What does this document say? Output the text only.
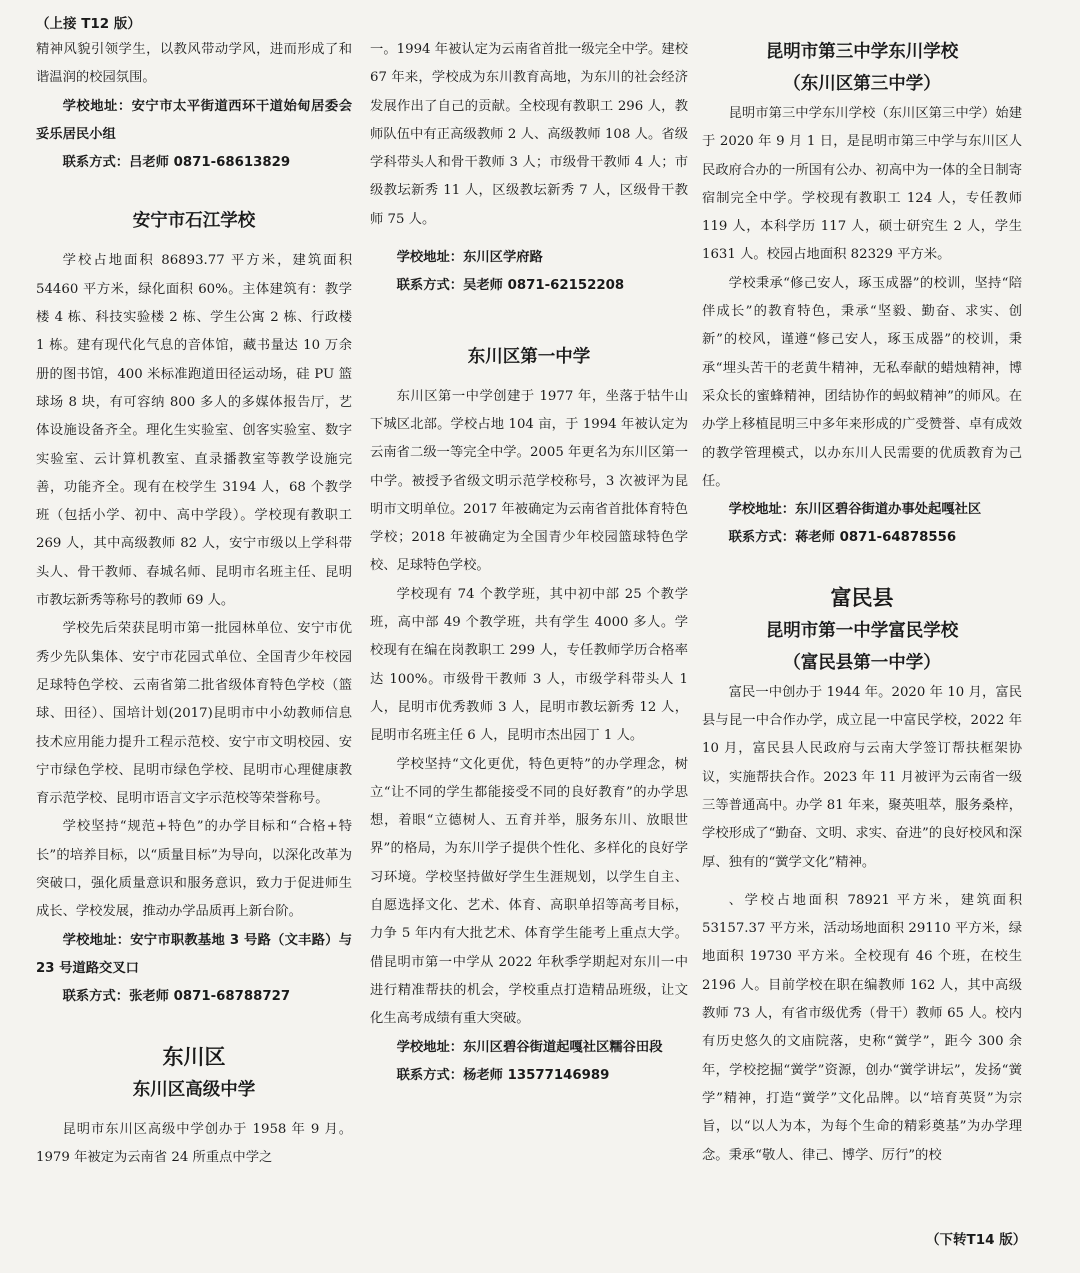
（上接 T12 版）

精神风貌引领学生，以教风带动学风，进而形成了和谐温润的校园氛围。

学校地址：安宁市太平街道西环干道始甸居委会妥乐居民小组

联系方式：吕老师 0871-68613829

安宁市石江学校

学校占地面积 86893.77 平方米，建筑面积 54460 平方米，绿化面积 60%。主体建筑有：教学楼 4 栋、科技实验楼 2 栋、学生公寓 2 栋、行政楼 1 栋。建有现代化气息的音体馆，藏书量达 10 万余册的图书馆，400 米标准跑道田径运动场，硅 PU 篮球场 8 块，有可容纳 800 多人的多媒体报告厅，艺体设施设备齐全。理化生实验室、创客实验室、数字实验室、云计算机教室、直录播教室等教学设施完善，功能齐全。现有在校学生 3194 人，68 个教学班（包括小学、初中、高中学段）。学校现有教职工 269 人，其中高级教师 82 人，安宁市级以上学科带头人、骨干教师、春城名师、昆明市名班主任、昆明市教坛新秀等称号的教师 69 人。

学校先后荣获昆明市第一批园林单位、安宁市优秀少先队集体、安宁市花园式单位、全国青少年校园足球特色学校、云南省第二批省级体育特色学校（篮球、田径）、国培计划(2017)昆明市中小幼教师信息技术应用能力提升工程示范校、安宁市文明校园、安宁市绿色学校、昆明市绿色学校、昆明市心理健康教育示范学校、昆明市语言文字示范校等荣誉称号。

学校坚持“规范+特色”的办学目标和“合格+特长”的培养目标，以“质量目标”为导向，以深化改革为突破口，强化质量意识和服务意识，致力于促进师生成长、学校发展，推动办学品质再上新台阶。

学校地址：安宁市职教基地 3 号路（文丰路）与 23 号道路交叉口

联系方式：张老师 0871-68788727

东川区
东川区高级中学

昆明市东川区高级中学创办于 1958 年 9 月。1979 年被定为云南省 24 所重点中学之

一。1994 年被认定为云南省首批一级完全中学。建校 67 年来，学校成为东川教育高地，为东川的社会经济发展作出了自己的贡献。全校现有教职工 296 人，教师队伍中有正高级教师 2 人、高级教师 108 人。省级学科带头人和骨干教师 3 人；市级骨干教师 4 人；市级教坛新秀 11 人，区级教坛新秀 7 人，区级骨干教师 75 人。

学校地址：东川区学府路

联系方式：吴老师 0871-62152208

东川区第一中学

东川区第一中学创建于 1977 年，坐落于牯牛山下城区北部。学校占地 104 亩，于 1994 年被认定为云南省二级一等完全中学。2005 年更名为东川区第一中学。被授予省级文明示范学校称号，3 次被评为昆明市文明单位。2017 年被确定为云南省首批体育特色学校；2018 年被确定为全国青少年校园篮球特色学校、足球特色学校。

学校现有 74 个教学班，其中初中部 25 个教学班，高中部 49 个教学班，共有学生 4000 多人。学校现有在编在岗教职工 299 人，专任教师学历合格率达 100%。市级骨干教师 3 人，市级学科带头人 1 人，昆明市优秀教师 3 人，昆明市教坛新秀 12 人，昆明市名班主任 6 人，昆明市杰出园丁 1 人。

学校坚持“文化更优，特色更特”的办学理念，树立“让不同的学生都能接受不同的良好教育”的办学思想，着眼“立德树人、五育并举，服务东川、放眼世界”的格局，为东川学子提供个性化、多样化的良好学习环境。学校坚持做好学生生涯规划，以学生自主、自愿选择文化、艺术、体育、高职单招等高考目标，力争 5 年内有大批艺术、体育学生能考上重点大学。借昆明市第一中学从 2022 年秋季学期起对东川一中进行精准帮扶的机会，学校重点打造精品班级，让文化生高考成绩有重大突破。

学校地址：东川区碧谷街道起嘎社区糯谷田段

联系方式：杨老师 13577146989

昆明市第三中学东川学校
（东川区第三中学）

昆明市第三中学东川学校（东川区第三中学）始建于 2020 年 9 月 1 日，是昆明市第三中学与东川区人民政府合办的一所国有公办、初高中为一体的全日制寄宿制完全中学。学校现有教职工 124 人，专任教师 119 人，本科学历 117 人，硕士研究生 2 人，学生 1631 人。校园占地面积 82329 平方米。

学校秉承“修己安人，琢玉成器”的校训，坚持“陪伴成长”的教育特色，秉承“坚毅、勤奋、求实、创新”的校风，谨遵“修己安人，琢玉成器”的校训，秉承“埋头苦干的老黄牛精神，无私奉献的蜡烛精神，博采众长的蜜蜂精神，团结协作的蚂蚁精神”的师风。在办学上移植昆明三中多年来形成的广受赞誉、卓有成效的教学管理模式，以办东川人民需要的优质教育为己任。

学校地址：东川区碧谷街道办事处起嘎社区

联系方式：蒋老师 0871-64878556

富民县
昆明市第一中学富民学校
（富民县第一中学）

富民一中创办于 1944 年。2020 年 10 月，富民县与昆一中合作办学，成立昆一中富民学校，2022 年 10 月，富民县人民政府与云南大学签订帮扶框架协议，实施帮扶合作。2023 年 11 月被评为云南省一级三等普通高中。办学 81 年来，聚英咀萃，服务桑梓，学校形成了“勤奋、文明、求实、奋进”的良好校风和深厚、独有的“黉学文化”精神。

、学校占地面积 78921 平方米，建筑面积 53157.37 平方米，活动场地面积 29110 平方米，绿地面积 19730 平方米。全校现有 46 个班，在校生 2196 人。目前学校在职在编教师 162 人，其中高级教师 73 人，有省市级优秀（骨干）教师 65 人。校内有历史悠久的文庙院落，史称“黉学”，距今 300 余年，学校挖掘“黉学”资源，创办“黉学讲坛”，发扬“黉学”精神，打造“黉学”文化品牌。以“培育英贤”为宗旨，以“以人为本，为每个生命的精彩奠基”为办学理念。秉承“敬人、律己、博学、厉行”的校

（下转T14 版）
